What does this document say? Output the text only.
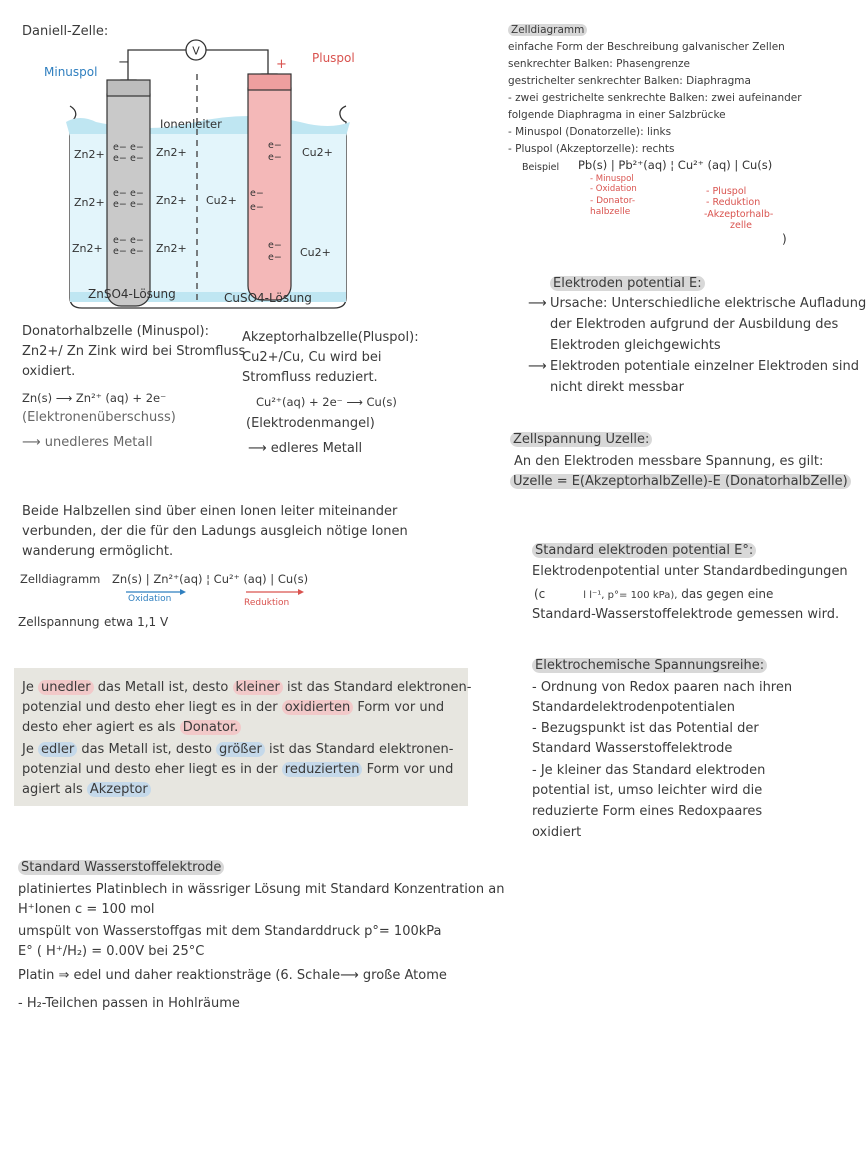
Daniell-Zelle:
V
−	+
Minuspol
Pluspol
Ionenleiter
Zn2+
Zn2+
Zn2+
e− e−
e− e−
e− e−
e− e−
e− e−
e− e−
Zn2+
Zn2+
Zn2+
Cu2+
e−
e−
e−
e−
e−
e−
Cu2+
Cu2+
ZnSO4-Lösung	CuSO4-Lösung
Donatorhalbzelle (Minuspol):
Zn2+/ Zn Zink wird bei Stromfluss
oxidiert.
Zn(s) ⟶ Zn²⁺ (aq) + 2e⁻
(Elektronenüberschuss)
⟶ unedleres Metall
Akzeptorhalbzelle(Pluspol):
Cu2+/Cu, Cu wird bei
Stromfluss reduziert.
Cu²⁺(aq) + 2e⁻ ⟶ Cu(s)
(Elektrodenmangel)
⟶ edleres Metall
Beide Halbzellen sind über einen Ionen leiter miteinander
verbunden, der die für den Ladungs ausgleich nötige Ionen
wanderung ermöglicht.
Zelldiagramm Zn(s) | Zn²⁺(aq) ¦ Cu²⁺ (aq) | Cu(s)
Oxidation	Reduktion
Zellspannung etwa 1,1 V
Je unedler das Metall ist, desto kleiner ist das Standard elektronen-
potenzial und desto eher liegt es in der oxidierten Form vor und
desto eher agiert es als Donator.
Je edler das Metall ist, desto größer ist das Standard elektronen-
potenzial und desto eher liegt es in der reduzierten Form vor und
agiert als Akzeptor
Standard Wasserstoffelektrode
platiniertes Platinblech in wässriger Lösung mit Standard Konzentration an
H⁺Ionen c = 100 mol
umspült von Wasserstoffgas mit dem Standarddruck p°= 100kPa
E° ( H⁺/H₂) = 0.00V bei 25°C
Platin ⇒ edel und daher reaktionsträge (6. Schale⟶ große Atome
- H₂-Teilchen passen in Hohlräume
Zelldiagramm
einfache Form der Beschreibung galvanischer Zellen
senkrechter Balken: Phasengrenze
gestrichelter senkrechter Balken: Diaphragma
- zwei gestrichelte senkrechte Balken: zwei aufeinander
folgende Diaphragma in einer Salzbrücke
- Minuspol (Donatorzelle): links
- Pluspol (Akzeptorzelle): rechts
Beispiel Pb(s) | Pb²⁺(aq) ¦ Cu²⁺ (aq) | Cu(s)
- Minuspol
- Oxidation
- Donator-
halbzelle
- Pluspol
- Reduktion
-Akzeptorhalb-
zelle
)
Elektroden potential E:
⟶ Ursache: Unterschiedliche elektrische Aufladung
der Elektroden aufgrund der Ausbildung des
Elektroden gleichgewichts
⟶ Elektroden potentiale einzelner Elektroden sind
nicht direkt messbar
Zellspannung Uzelle:
An den Elektroden messbare Spannung, es gilt:
Uzelle = E(AkzeptorhalbZelle)-E (DonatorhalbZelle)
Standard elektroden potential E°:
Elektrodenpotential unter Standardbedingungen
(c	l l⁻¹, p°= 100 kPa), das gegen eine
Standard-Wasserstoffelektrode gemessen wird.
Elektrochemische Spannungsreihe:
- Ordnung von Redox paaren nach ihren
Standardelektrodenpotentialen
- Bezugspunkt ist das Potential der
Standard Wasserstoffelektrode
- Je kleiner das Standard elektroden
potential ist, umso leichter wird die
reduzierte Form eines Redoxpaares
oxidiert
